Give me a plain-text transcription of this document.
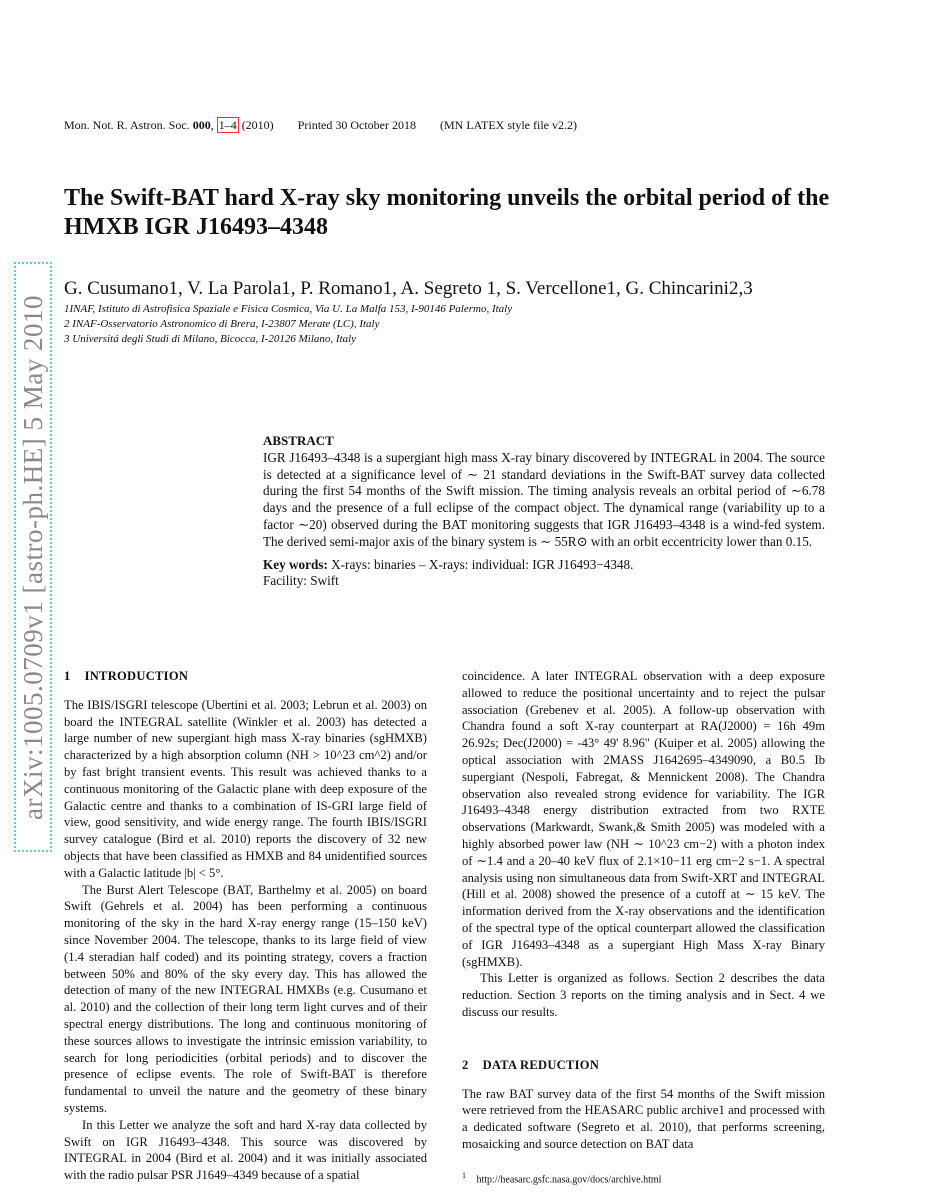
Mon. Not. R. Astron. Soc. 000, 1–4 (2010) Printed 30 October 2018 (MN LATEX style file v2.2)
The Swift-BAT hard X-ray sky monitoring unveils the orbital period of the HMXB IGR J16493–4348
G. Cusumano1, V. La Parola1, P. Romano1, A. Segreto 1, S. Vercellone1, G. Chincarini2,3
1INAF, Istituto di Astrofisica Spaziale e Fisica Cosmica, Via U. La Malfa 153, I-90146 Palermo, Italy
2 INAF-Osservatorio Astronomico di Brera, I-23807 Merate (LC), Italy
3 Universitá degli Studi di Milano, Bicocca, I-20126 Milano, Italy
arXiv:1005.0709v1 [astro-ph.HE] 5 May 2010	ABSTRACT

IGR J16493–4348 is a supergiant high mass X-ray binary discovered by INTEGRAL in 2004. The source is detected at a significance level of ∼ 21 standard deviations in the Swift-BAT survey data collected during the first 54 months of the Swift mission. The timing analysis reveals an orbital period of ∼6.78 days and the presence of a full eclipse of the compact object. The dynamical range (variability up to a factor ∼20) observed during the BAT monitoring suggests that IGR J16493–4348 is a wind-fed system. The derived semi-major axis of the binary system is ∼ 55R⊙ with an orbit eccentricity lower than 0.15.

Key words: X-rays: binaries – X-rays: individual: IGR J16493−4348.

Facility: Swift

1 INTRODUCTION

The IBIS/ISGRI telescope (Ubertini et al. 2003; Lebrun et al. 2003) on board the INTEGRAL satellite (Winkler et al. 2003) has detected a large number of new supergiant high mass X-ray binaries (sgHMXB) characterized by a high absorption column (NH > 10^23 cm^2) and/or by fast bright transient events. This result was achieved thanks to a continuous monitoring of the Galactic plane with deep exposure of the Galactic centre and thanks to a combination of IS-GRI large field of view, good sensitivity, and wide energy range. The fourth IBIS/ISGRI survey catalogue (Bird et al. 2010) reports the discovery of 32 new objects that have been classified as HMXB and 84 unidentified sources with a Galactic latitude |b| < 5°.

The Burst Alert Telescope (BAT, Barthelmy et al. 2005) on board Swift (Gehrels et al. 2004) has been performing a continuous monitoring of the sky in the hard X-ray energy range (15–150 keV) since November 2004. The telescope, thanks to its large field of view (1.4 steradian half coded) and its pointing strategy, covers a fraction between 50% and 80% of the sky every day. This has allowed the detection of many of the new INTEGRAL HMXBs (e.g. Cusumano et al. 2010) and the collection of their long term light curves and of their spectral energy distributions. The long and continuous monitoring of these sources allows to investigate the intrinsic emission variability, to search for long periodicities (orbital periods) and to discover the presence of eclipse events. The role of Swift-BAT is therefore fundamental to unveil the nature and the geometry of these binary systems.

In this Letter we analyze the soft and hard X-ray data collected by Swift on IGR J16493–4348. This source was discovered by INTEGRAL in 2004 (Bird et al. 2004) and it was initially associated with the radio pulsar PSR J1649–4349 because of a spatial

coincidence. A later INTEGRAL observation with a deep exposure allowed to reduce the positional uncertainty and to reject the pulsar association (Grebenev et al. 2005). A follow-up observation with Chandra found a soft X-ray counterpart at RA(J2000) = 16h 49m 26.92s; Dec(J2000) = -43° 49' 8.96" (Kuiper et al. 2005) allowing the optical association with 2MASS J1642695–4349090, a B0.5 Ib supergiant (Nespoli, Fabregat, & Mennickent 2008). The Chandra observation also revealed strong evidence for variability. The IGR J16493–4348 energy distribution extracted from two RXTE observations (Markwardt, Swank,& Smith 2005) was modeled with a highly absorbed power law (NH ∼ 10^23 cm−2) with a photon index of ∼1.4 and a 20–40 keV flux of 2.1×10−11 erg cm−2 s−1. A spectral analysis using non simultaneous data from Swift-XRT and INTEGRAL (Hill et al. 2008) showed the presence of a cutoff at ∼ 15 keV. The information derived from the X-ray observations and the identification of the spectral type of the optical counterpart allowed the classification of IGR J16493–4348 as a supergiant High Mass X-ray Binary (sgHMXB).

This Letter is organized as follows. Section 2 describes the data reduction. Section 3 reports on the timing analysis and in Sect. 4 we discuss our results.

2 DATA REDUCTION

The raw BAT survey data of the first 54 months of the Swift mission were retrieved from the HEASARC public archive1 and processed with a dedicated software (Segreto et al. 2010), that performs screening, mosaicking and source detection on BAT data

$^1$ http://heasarc.gsfc.nasa.gov/docs/archive.html
